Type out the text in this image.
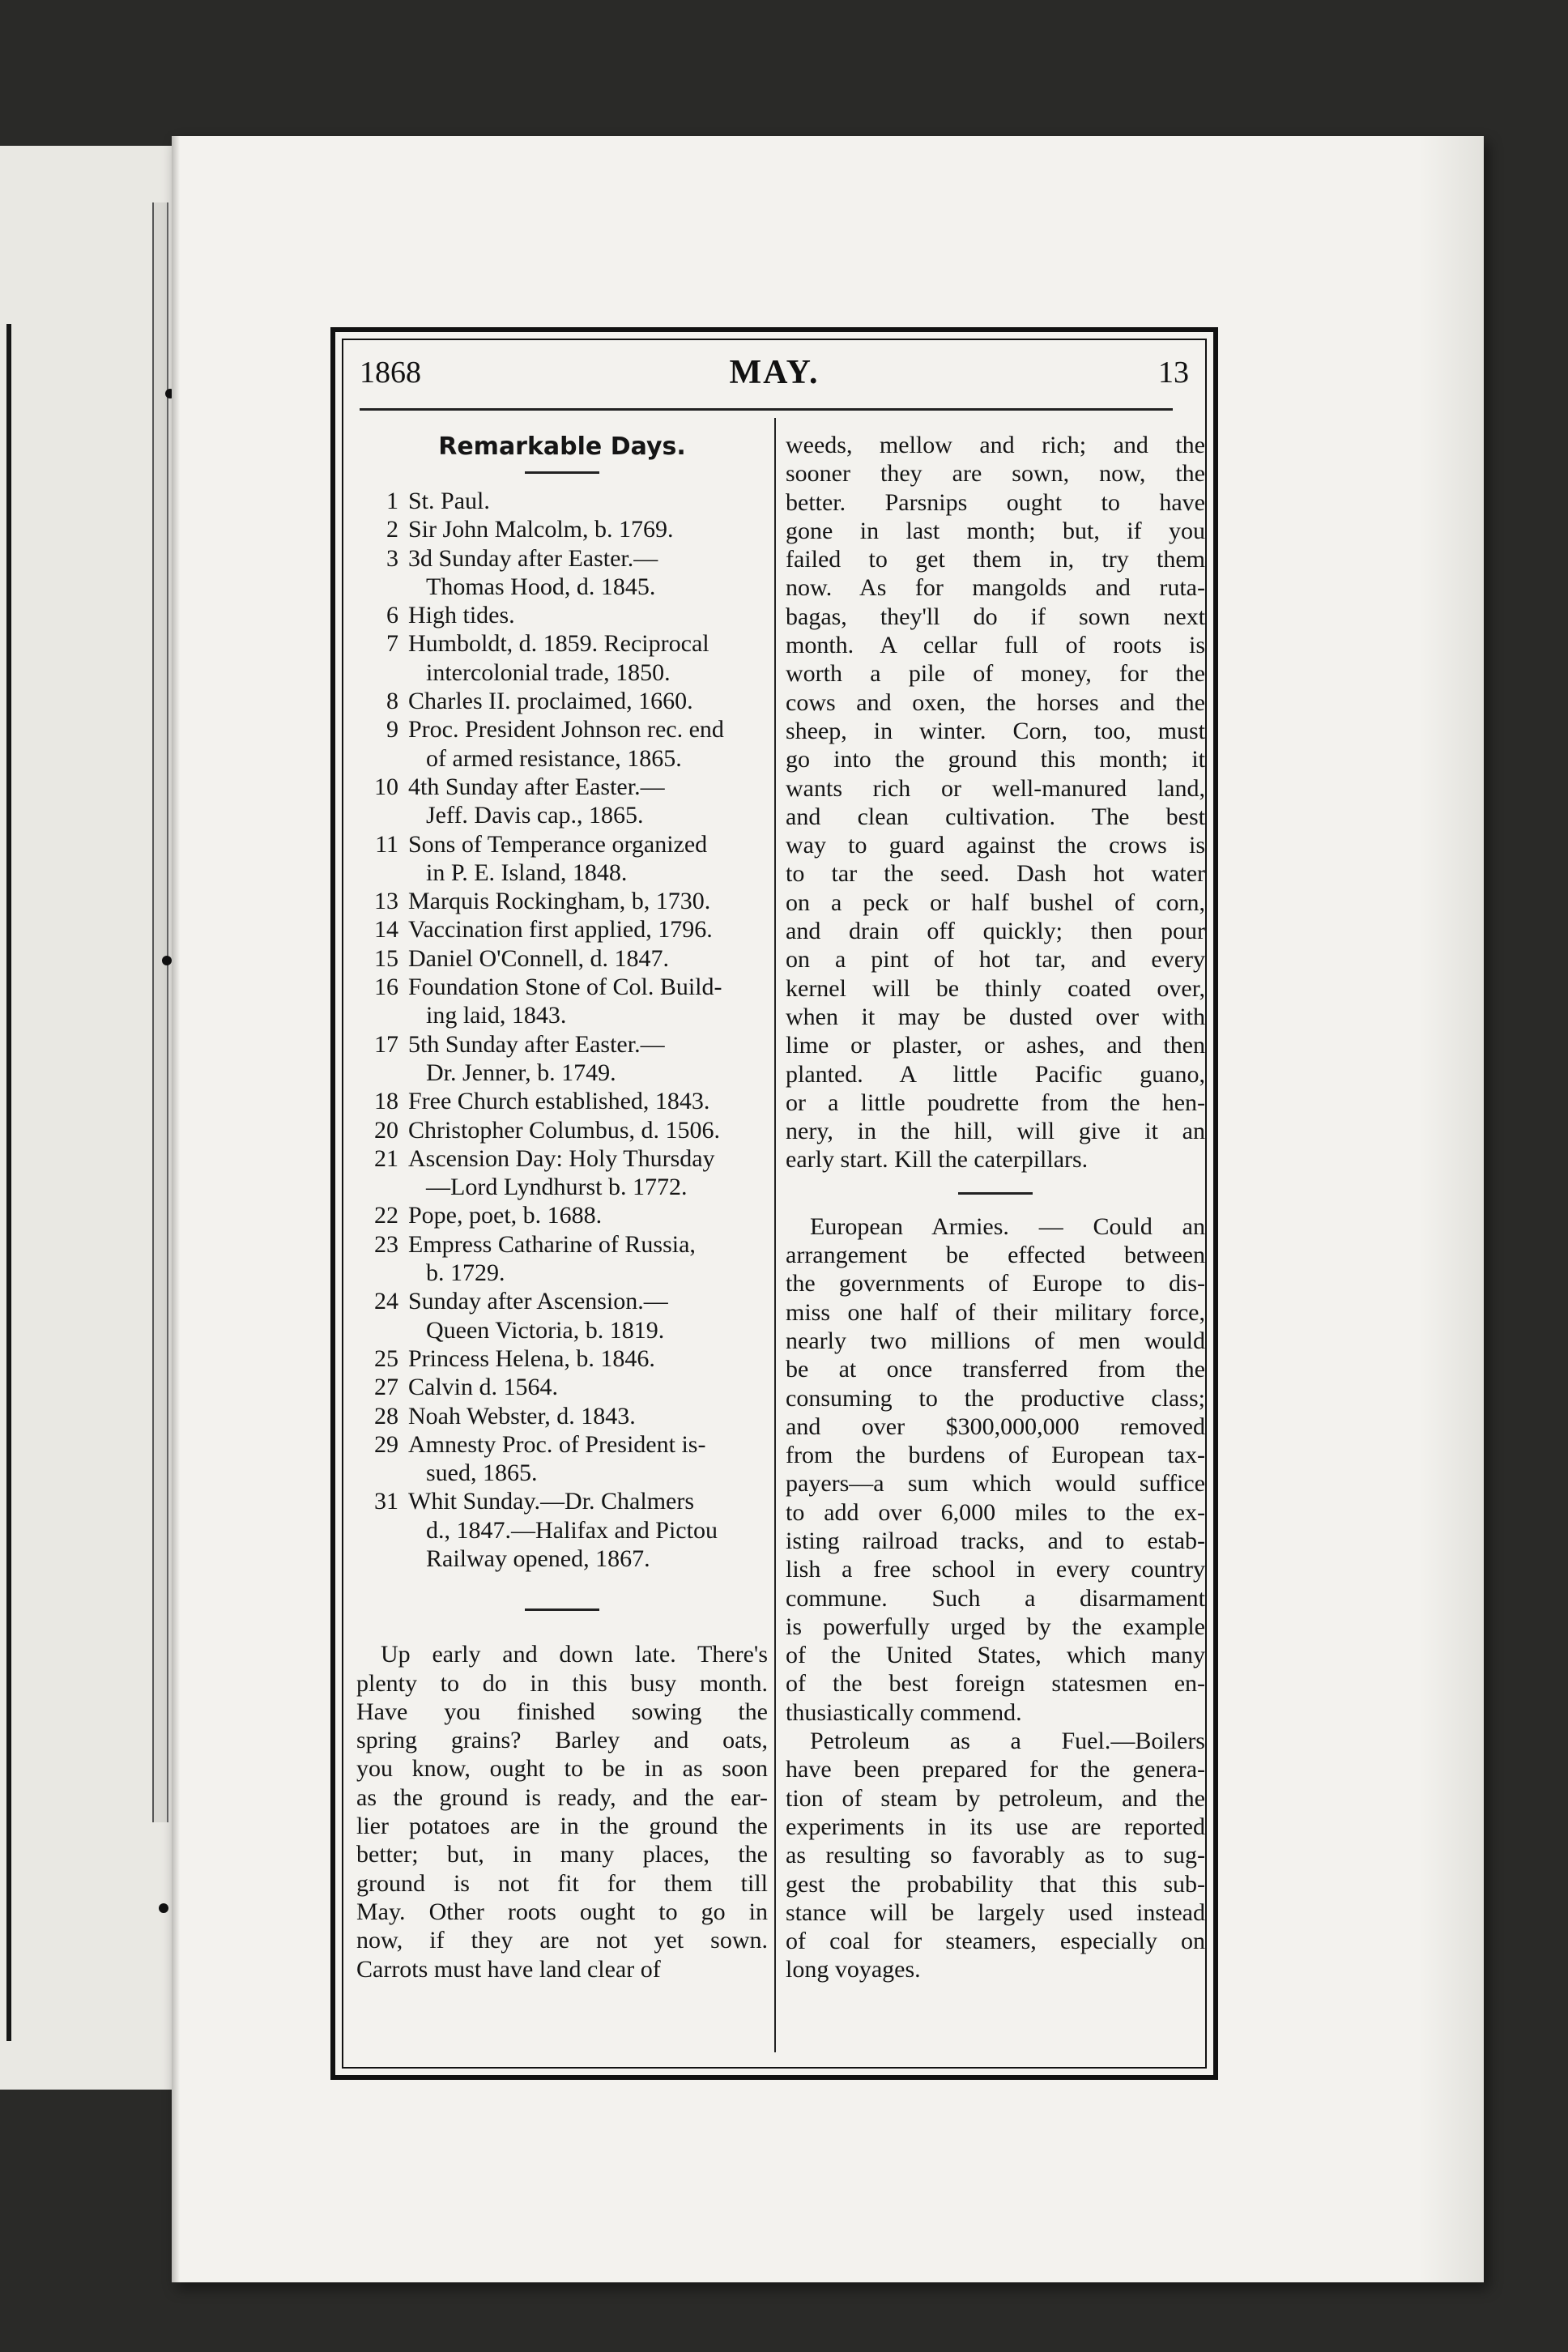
1868	MAY.	13
Remarkable Days.
1 St. Paul.
2 Sir John Malcolm, b. 1769.
3 3d Sunday after Easter.—
Thomas Hood, d. 1845.
6 High tides.
7 Humboldt, d. 1859. Reciprocal
intercolonial trade, 1850.
8 Charles II. proclaimed, 1660.
9 Proc. President Johnson rec. end
of armed resistance, 1865.
10 4th Sunday after Easter.—
Jeff. Davis cap., 1865.
11 Sons of Temperance organized
in P. E. Island, 1848.
13 Marquis Rockingham, b, 1730.
14 Vaccination first applied, 1796.
15 Daniel O'Connell, d. 1847.
16 Foundation Stone of Col. Build-
ing laid, 1843.
17 5th Sunday after Easter.—
Dr. Jenner, b. 1749.
18 Free Church established, 1843.
20 Christopher Columbus, d. 1506.
21 Ascension Day: Holy Thursday
—Lord Lyndhurst b. 1772.
22 Pope, poet, b. 1688.
23 Empress Catharine of Russia,
b. 1729.
24 Sunday after Ascension.—
Queen Victoria, b. 1819.
25 Princess Helena, b. 1846.
27 Calvin d. 1564.
28 Noah Webster, d. 1843.
29 Amnesty Proc. of President is-
sued, 1865.
31 Whit Sunday.—Dr. Chalmers
d., 1847.—Halifax and Pictou
Railway opened, 1867.
Up early and down late. There's
plenty to do in this busy month.
Have you finished sowing the
spring grains? Barley and oats,
you know, ought to be in as soon
as the ground is ready, and the ear-
lier potatoes are in the ground the
better; but, in many places, the
ground is not fit for them till
May. Other roots ought to go in
now, if they are not yet sown.
Carrots must have land clear of
weeds, mellow and rich; and the
sooner they are sown, now, the
better. Parsnips ought to have
gone in last month; but, if you
failed to get them in, try them
now. As for mangolds and ruta-
bagas, they'll do if sown next
month. A cellar full of roots is
worth a pile of money, for the
cows and oxen, the horses and the
sheep, in winter. Corn, too, must
go into the ground this month; it
wants rich or well-manured land,
and clean cultivation. The best
way to guard against the crows is
to tar the seed. Dash hot water
on a peck or half bushel of corn,
and drain off quickly; then pour
on a pint of hot tar, and every
kernel will be thinly coated over,
when it may be dusted over with
lime or plaster, or ashes, and then
planted. A little Pacific guano,
or a little poudrette from the hen-
nery, in the hill, will give it an
early start. Kill the caterpillars.
European Armies. — Could an
arrangement be effected between
the governments of Europe to dis-
miss one half of their military force,
nearly two millions of men would
be at once transferred from the
consuming to the productive class;
and over $300,000,000 removed
from the burdens of European tax-
payers—a sum which would suffice
to add over 6,000 miles to the ex-
isting railroad tracks, and to estab-
lish a free school in every country
commune. Such a disarmament
is powerfully urged by the example
of the United States, which many
of the best foreign statesmen en-
thusiastically commend.
Petroleum as a Fuel.—Boilers
have been prepared for the genera-
tion of steam by petroleum, and the
experiments in its use are reported
as resulting so favorably as to sug-
gest the probability that this sub-
stance will be largely used instead
of coal for steamers, especially on
long voyages.
